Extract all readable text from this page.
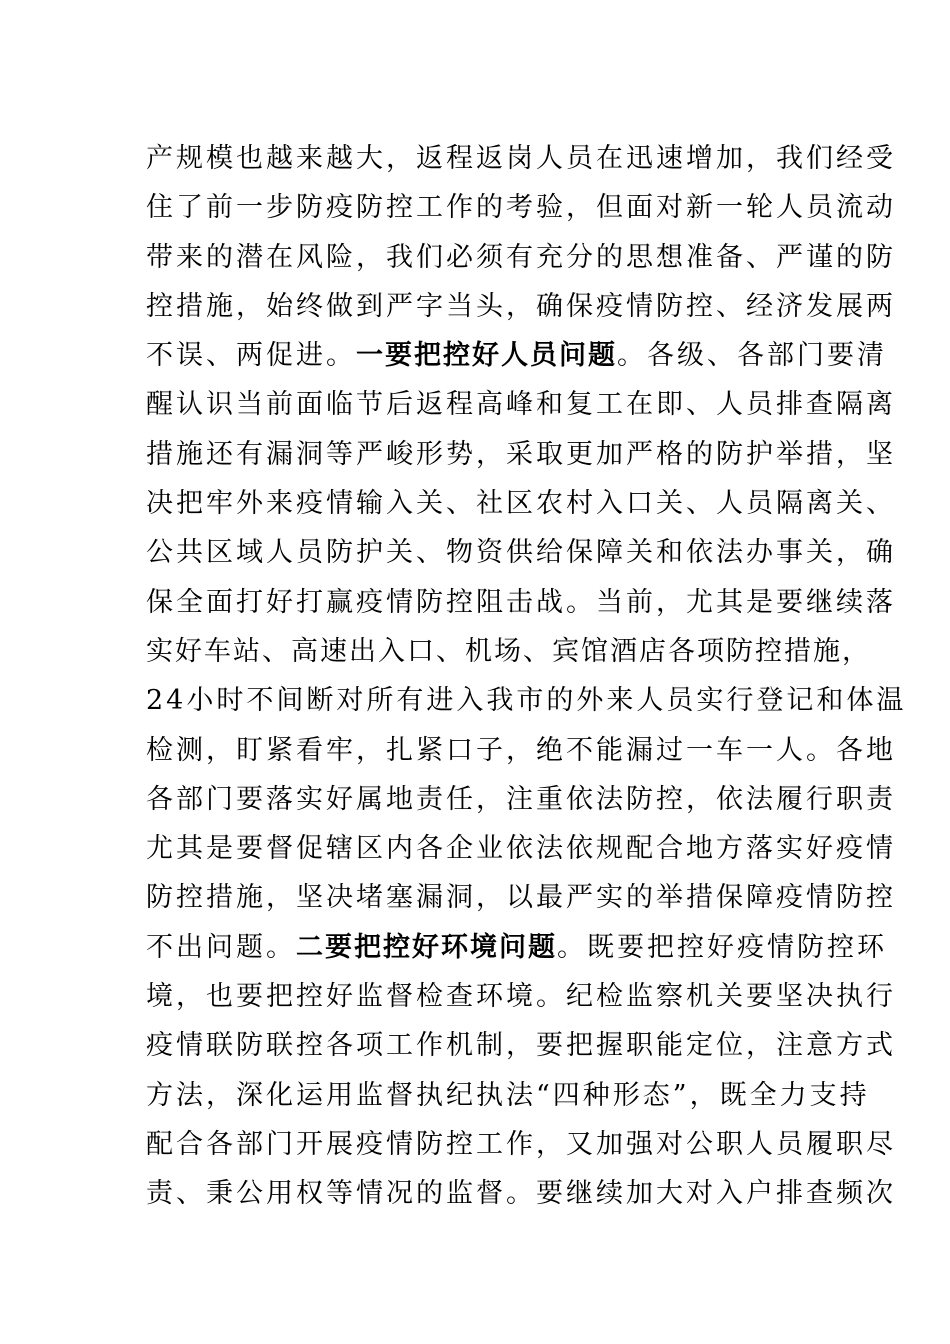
产规模也越来越大，返程返岗人员在迅速增加，我们经受
住了前一步防疫防控工作的考验，但面对新一轮人员流动
带来的潜在风险，我们必须有充分的思想准备、严谨的防
控措施，始终做到严字当头，确保疫情防控、经济发展两
不误、两促进。一要把控好人员问题。各级、各部门要清
醒认识当前面临节后返程高峰和复工在即、人员排查隔离
措施还有漏洞等严峻形势，采取更加严格的防护举措，坚
决把牢外来疫情输入关、社区农村入口关、人员隔离关、
公共区域人员防护关、物资供给保障关和依法办事关，确
保全面打好打赢疫情防控阻击战。当前，尤其是要继续落
实好车站、高速出入口、机场、宾馆酒店各项防控措施，
24小时不间断对所有进入我市的外来人员实行登记和体温
检测，盯紧看牢，扎紧口子，绝不能漏过一车一人。各地
各部门要落实好属地责任，注重依法防控，依法履行职责
尤其是要督促辖区内各企业依法依规配合地方落实好疫情
防控措施，坚决堵塞漏洞，以最严实的举措保障疫情防控
不出问题。二要把控好环境问题。既要把控好疫情防控环
境，也要把控好监督检查环境。纪检监察机关要坚决执行
疫情联防联控各项工作机制，要把握职能定位，注意方式
方法，深化运用监督执纪执法“四种形态”，既全力支持
配合各部门开展疫情防控工作，又加强对公职人员履职尽
责、秉公用权等情况的监督。要继续加大对入户排查频次
